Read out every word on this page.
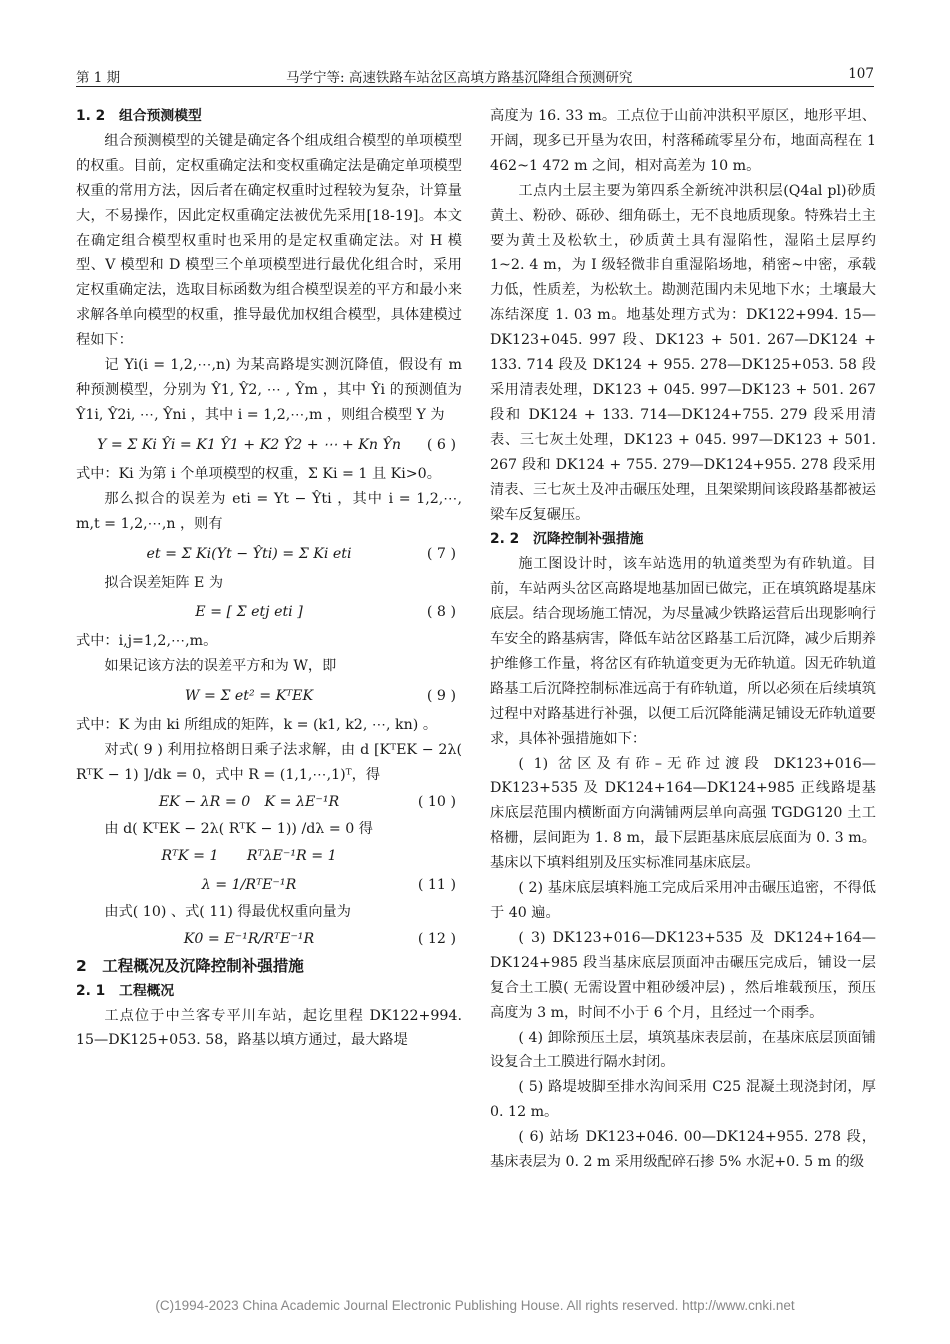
第 1 期	马学宁等: 高速铁路车站岔区高填方路基沉降组合预测研究	107

1. 2　组合预测模型

组合预测模型的关键是确定各个组成组合模型的单项模型的权重。目前，定权重确定法和变权重确定法是确定单项模型权重的常用方法，因后者在确定权重时过程较为复杂，计算量大，不易操作，因此定权重确定法被优先采用[18-19]。本文在确定组合模型权重时也采用的是定权重确定法。对 H 模型、V 模型和 D 模型三个单项模型进行最优化组合时，采用定权重确定法，选取目标函数为组合模型误差的平方和最小来求解各单向模型的权重，推导最优加权组合模型，具体建模过程如下：

记 Yi(i = 1,2,⋯,n) 为某高路堤实测沉降值，假设有 m 种预测模型，分别为 Ŷ1, Ŷ2, ⋯ , Ŷm ，其中 Ŷi 的预测值为 Ŷ1i, Ŷ2i, ⋯, Ŷni ，其中 i = 1,2,⋯,m ，则组合模型 Y 为

Y = Σ Ki Ŷi = K1 Ŷ1 + K2 Ŷ2 + ⋯ + Kn Ŷn	( 6 )

式中：Ki 为第 i 个单项模型的权重，Σ Ki = 1 且 Ki>0。

那么拟合的误差为 eti = Yt − Ŷti ，其中 i = 1,2,⋯, m,t = 1,2,⋯,n ，则有

et = Σ Ki(Yt − Ŷti) = Σ Ki eti	( 7 )

拟合误差矩阵 E 为

E = [ Σ etj eti ]	( 8 )

式中：i,j=1,2,⋯,m。

如果记该方法的误差平方和为 W，即

W = Σ et² = KᵀEK	( 9 )

式中：K 为由 ki 所组成的矩阵，k = (k1, k2, ⋯, kn) 。

对式( 9 ) 利用拉格朗日乘子法求解，由 d [KᵀEK − 2λ( RᵀK − 1) ]/dk = 0，式中 R = (1,1,⋯,1)ᵀ，得

EK − λR = 0　K = λE⁻¹R	( 10 )

由 d( KᵀEK − 2λ( RᵀK − 1)) /dλ = 0 得

RᵀK = 1　　RᵀλE⁻¹R = 1
λ = 1/RᵀE⁻¹R	( 11 )

由式( 10) 、式( 11) 得最优权重向量为

K0 = E⁻¹R/RᵀE⁻¹R	( 12 )

2　工程概况及沉降控制补强措施

2. 1　工程概况

工点位于中兰客专平川车站，起讫里程 DK122+994. 15—DK125+053. 58，路基以填方通过，最大路堤

高度为 16. 33 m。工点位于山前冲洪积平原区，地形平坦、开阔，现多已开垦为农田，村落稀疏零星分布，地面高程在 1 462~1 472 m 之间，相对高差为 10 m。

工点内土层主要为第四系全新统冲洪积层(Q4al pl)砂质黄土、粉砂、砾砂、细角砾土，无不良地质现象。特殊岩土主要为黄土及松软土，砂质黄土具有湿陷性，湿陷土层厚约 1~2. 4 m，为 I 级轻微非自重湿陷场地，稍密~中密，承载力低，性质差，为松软土。勘测范围内未见地下水；土壤最大冻结深度 1. 03 m。地基处理方式为：DK122+994. 15—DK123+045. 997 段、DK123 + 501. 267—DK124 + 133. 714 段及 DK124 + 955. 278—DK125+053. 58 段采用清表处理，DK123 + 045. 997—DK123 + 501. 267 段和 DK124 + 133. 714—DK124+755. 279 段采用清表、三七灰土处理，DK123 + 045. 997—DK123 + 501. 267 段和 DK124 + 755. 279—DK124+955. 278 段采用清表、三七灰土及冲击碾压处理，且架梁期间该段路基都被运梁车反复碾压。

2. 2　沉降控制补强措施

施工图设计时，该车站选用的轨道类型为有砟轨道。目前，车站两头岔区高路堤地基加固已做完，正在填筑路堤基床底层。结合现场施工情况，为尽量减少铁路运营后出现影响行车安全的路基病害，降低车站岔区路基工后沉降，减少后期养护维修工作量，将岔区有砟轨道变更为无砟轨道。因无砟轨道路基工后沉降控制标准远高于有砟轨道，所以必须在后续填筑过程中对路基进行补强，以便工后沉降能满足铺设无砟轨道要求，具体补强措施如下：

( 1) 岔区及有砟–无砟过渡段 DK123+016—DK123+535 及 DK124+164—DK124+985 正线路堤基床底层范围内横断面方向满铺两层单向高强 TGDG120 土工格栅，层间距为 1. 8 m，最下层距基床底层底面为 0. 3 m。基床以下填料组别及压实标准同基床底层。

( 2) 基床底层填料施工完成后采用冲击碾压追密，不得低于 40 遍。

( 3) DK123+016—DK123+535 及 DK124+164—DK124+985 段当基床底层顶面冲击碾压完成后，铺设一层复合土工膜( 无需设置中粗砂缓冲层) ，然后堆载预压，预压高度为 3 m，时间不小于 6 个月，且经过一个雨季。

( 4) 卸除预压土层，填筑基床表层前，在基床底层顶面铺设复合土工膜进行隔水封闭。

( 5) 路堤坡脚至排水沟间采用 C25 混凝土现浇封闭，厚 0. 12 m。

( 6) 站场 DK123+046. 00—DK124+955. 278 段，基床表层为 0. 2 m 采用级配碎石掺 5% 水泥+0. 5 m 的级

(C)1994-2023 China Academic Journal Electronic Publishing House. All rights reserved. http://www.cnki.net
